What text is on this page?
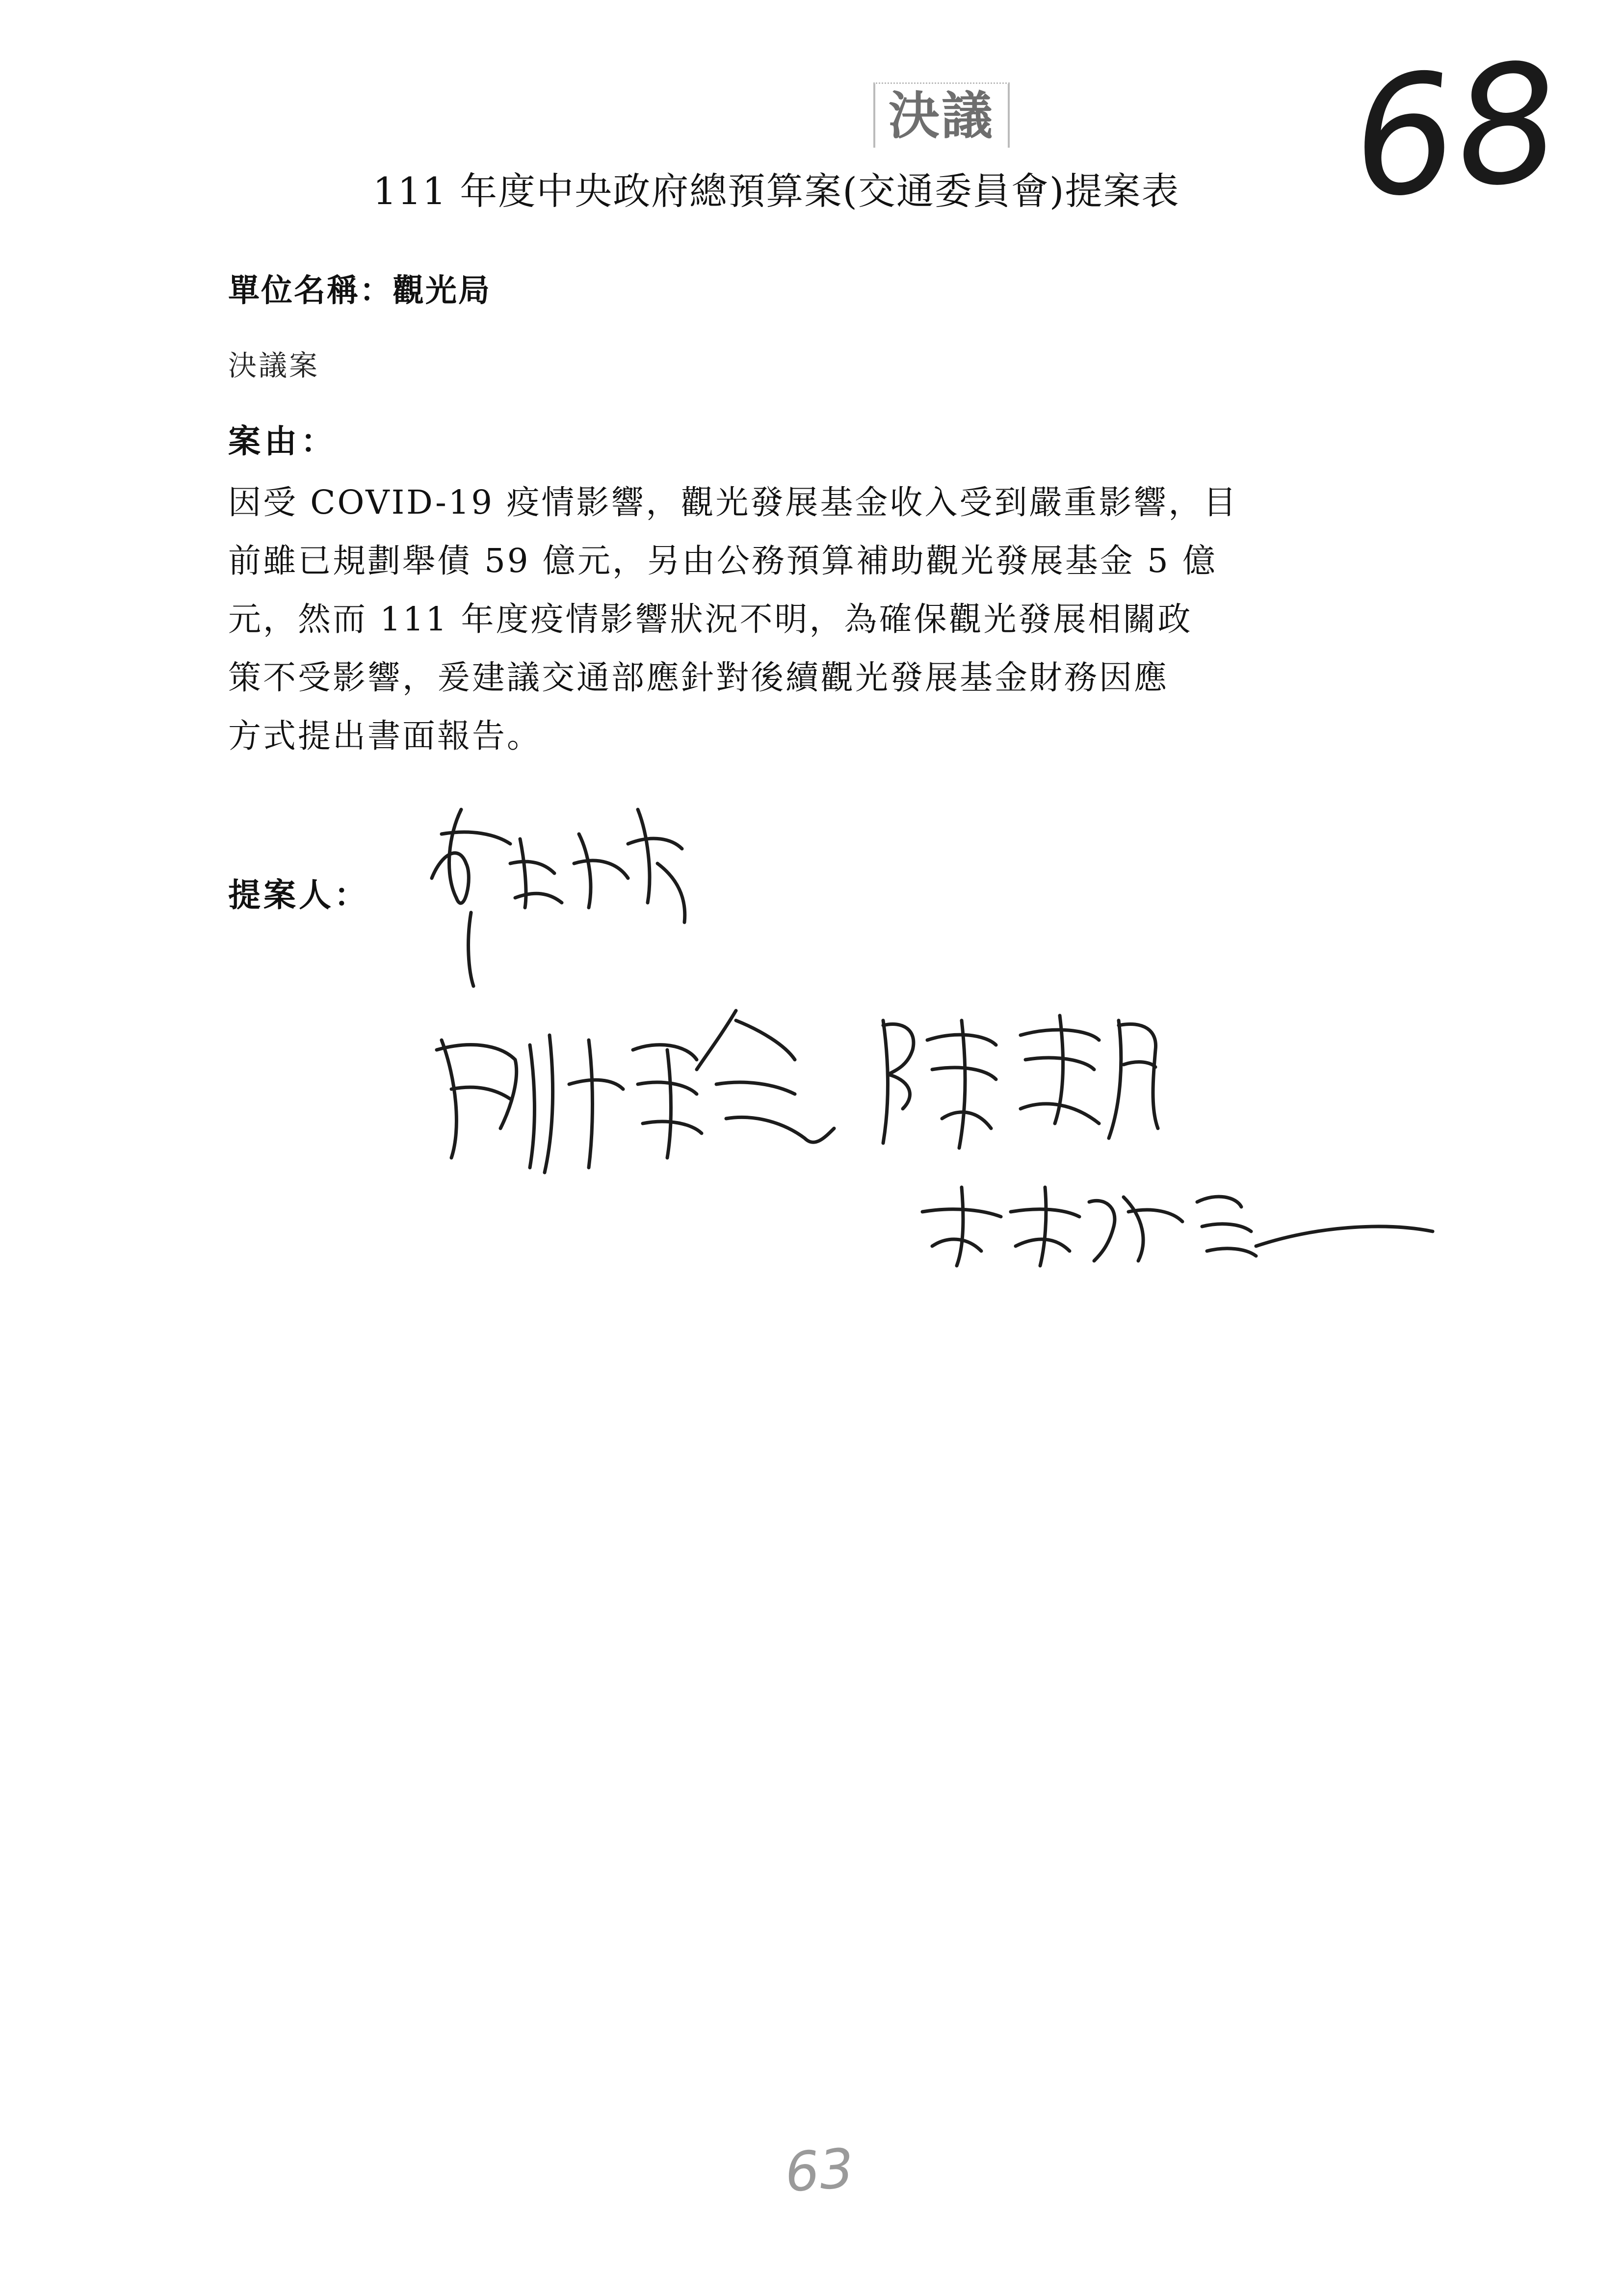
決議 68
111 年度中央政府總預算案(交通委員會)提案表
單位名稱：觀光局
決議案
案由：
因受 COVID-19 疫情影響，觀光發展基金收入受到嚴重影響，目
前雖已規劃舉債 59 億元，另由公務預算補助觀光發展基金 5 億
元，然而 111 年度疫情影響狀況不明，為確保觀光發展相關政
策不受影響，爰建議交通部應針對後續觀光發展基金財務因應
方式提出書面報告。
提案人：
63
